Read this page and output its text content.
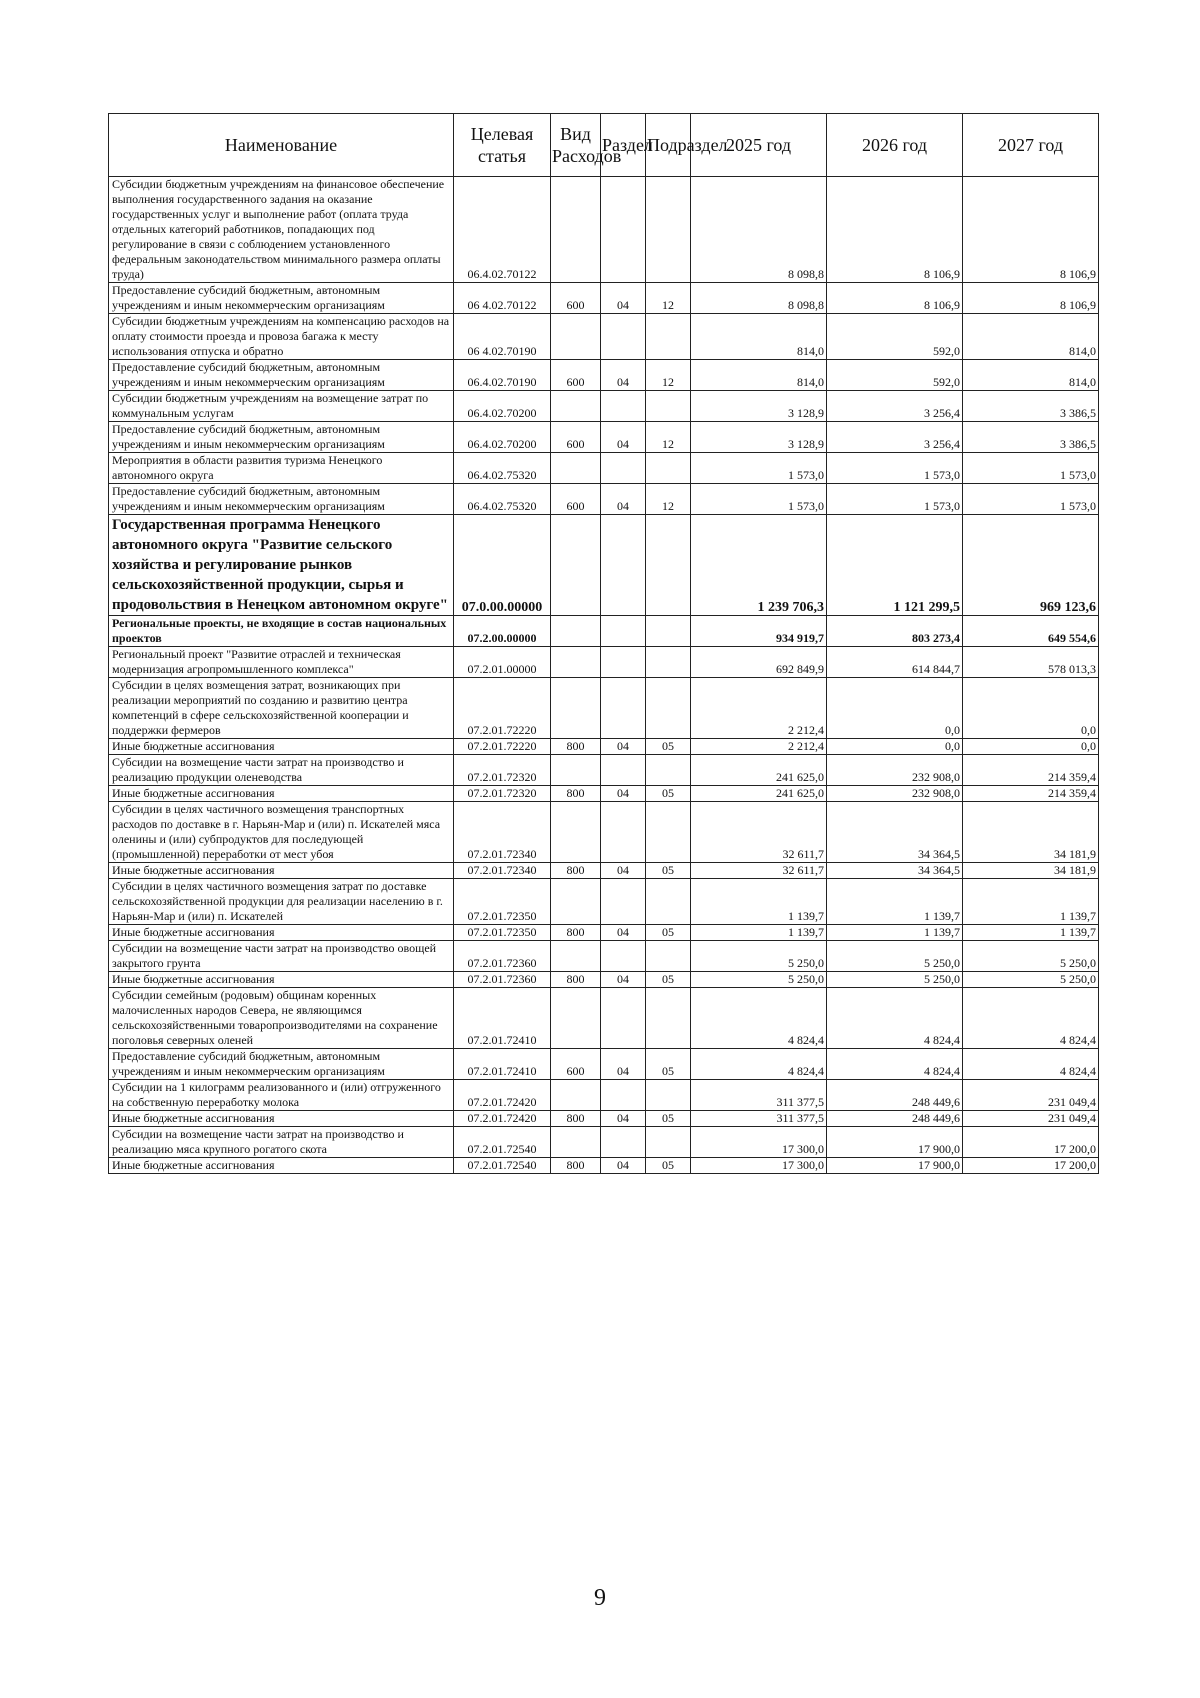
Наименование	Целевая статья	Вид Расходов	Раздел	Подраздел	2025 год	2026 год	2027 год
Субсидии бюджетным учреждениям на финансовое обеспечение выполнения государственного задания на оказание государственных услуг и выполнение работ (оплата труда отдельных категорий работников, попадающих под регулирование в связи с соблюдением установленного федеральным законодательством минимального размера оплаты труда)	06.4.02.70122				8 098,8	8 106,9	8 106,9
Предоставление субсидий бюджетным, автономным учреждениям и иным некоммерческим организациям	06 4.02.70122	600	04	12	8 098,8	8 106,9	8 106,9
Субсидии бюджетным учреждениям на компенсацию расходов на оплату стоимости проезда и провоза багажа к месту использования отпуска и обратно	06 4.02.70190				814,0	592,0	814,0
Предоставление субсидий бюджетным, автономным учреждениям и иным некоммерческим организациям	06.4.02.70190	600	04	12	814,0	592,0	814,0
Субсидии бюджетным учреждениям на возмещение затрат по коммунальным услугам	06.4.02.70200				3 128,9	3 256,4	3 386,5
Предоставление субсидий бюджетным, автономным учреждениям и иным некоммерческим организациям	06.4.02.70200	600	04	12	3 128,9	3 256,4	3 386,5
Мероприятия в области развития туризма Ненецкого автономного округа	06.4.02.75320				1 573,0	1 573,0	1 573,0
Предоставление субсидий бюджетным, автономным учреждениям и иным некоммерческим организациям	06.4.02.75320	600	04	12	1 573,0	1 573,0	1 573,0
Государственная программа Ненецкого автономного округа "Развитие сельского хозяйства и регулирование рынков сельскохозяйственной продукции, сырья и продовольствия в Ненецком автономном округе"	07.0.00.00000				1 239 706,3	1 121 299,5	969 123,6
Региональные проекты, не входящие в состав национальных проектов	07.2.00.00000				934 919,7	803 273,4	649 554,6
Региональный проект "Развитие отраслей и техническая модернизация агропромышленного комплекса"	07.2.01.00000				692 849,9	614 844,7	578 013,3
Субсидии в целях возмещения затрат, возникающих при реализации мероприятий по созданию и развитию центра компетенций в сфере сельскохозяйственной кооперации и поддержки фермеров	07.2.01.72220				2 212,4	0,0	0,0
Иные бюджетные ассигнования	07.2.01.72220	800	04	05	2 212,4	0,0	0,0
Субсидии на возмещение части затрат на производство и реализацию продукции оленеводства	07.2.01.72320				241 625,0	232 908,0	214 359,4
Иные бюджетные ассигнования	07.2.01.72320	800	04	05	241 625,0	232 908,0	214 359,4
Субсидии в целях частичного возмещения транспортных расходов по доставке в г. Нарьян-Мар и (или) п. Искателей мяса оленины и (или) субпродуктов для последующей (промышленной) переработки от мест убоя	07.2.01.72340				32 611,7	34 364,5	34 181,9
Иные бюджетные ассигнования	07.2.01.72340	800	04	05	32 611,7	34 364,5	34 181,9
Субсидии в целях частичного возмещения затрат по доставке сельскохозяйственной продукции для реализации населению в г. Нарьян-Мар и (или) п. Искателей	07.2.01.72350				1 139,7	1 139,7	1 139,7
Иные бюджетные ассигнования	07.2.01.72350	800	04	05	1 139,7	1 139,7	1 139,7
Субсидии на возмещение части затрат на производство овощей закрытого грунта	07.2.01.72360				5 250,0	5 250,0	5 250,0
Иные бюджетные ассигнования	07.2.01.72360	800	04	05	5 250,0	5 250,0	5 250,0
Субсидии семейным (родовым) общинам коренных малочисленных народов Севера, не являющимся сельскохозяйственными товаропроизводителями на сохранение поголовья северных оленей	07.2.01.72410				4 824,4	4 824,4	4 824,4
Предоставление субсидий бюджетным, автономным учреждениям и иным некоммерческим организациям	07.2.01.72410	600	04	05	4 824,4	4 824,4	4 824,4
Субсидии на 1 килограмм реализованного и (или) отгруженного на собственную переработку молока	07.2.01.72420				311 377,5	248 449,6	231 049,4
Иные бюджетные ассигнования	07.2.01.72420	800	04	05	311 377,5	248 449,6	231 049,4
Субсидии на возмещение части затрат на производство и реализацию мяса крупного рогатого скота	07.2.01.72540				17 300,0	17 900,0	17 200,0
Иные бюджетные ассигнования	07.2.01.72540	800	04	05	17 300,0	17 900,0	17 200,0
9
